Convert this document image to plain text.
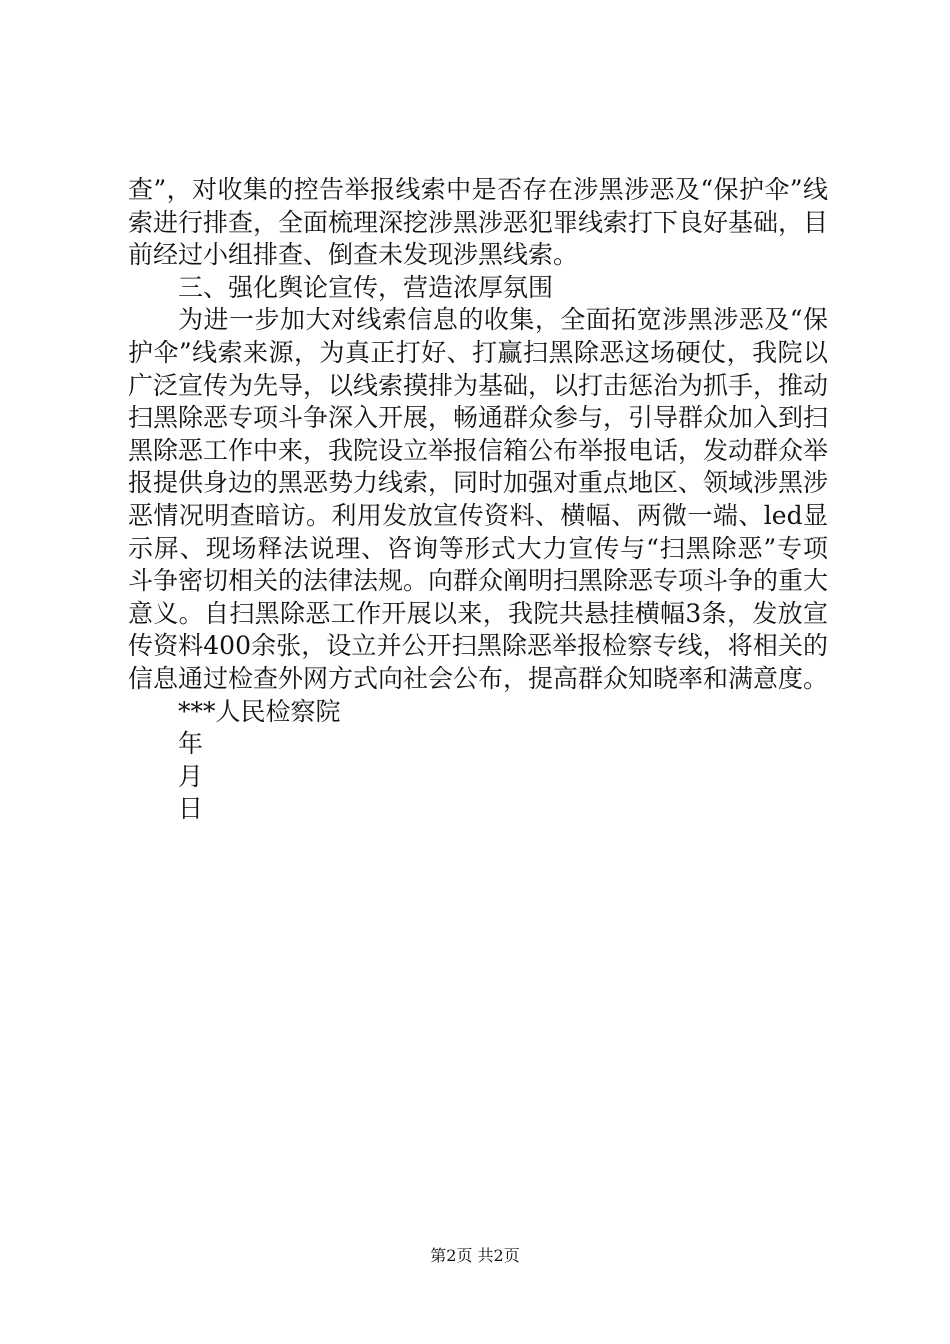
查”，对收集的控告举报线索中是否存在涉黑涉恶及“保护伞”线索进行排查，全面梳理深挖涉黑涉恶犯罪线索打下良好基础，目前经过小组排查、倒查未发现涉黑线索。

三、强化舆论宣传，营造浓厚氛围

为进一步加大对线索信息的收集，全面拓宽涉黑涉恶及“保护伞”线索来源，为真正打好、打赢扫黑除恶这场硬仗，我院以广泛宣传为先导，以线索摸排为基础，以打击惩治为抓手，推动扫黑除恶专项斗争深入开展，畅通群众参与，引导群众加入到扫黑除恶工作中来，我院设立举报信箱公布举报电话，发动群众举报提供身边的黑恶势力线索，同时加强对重点地区、领域涉黑涉恶情况明查暗访。利用发放宣传资料、横幅、两微一端、led显示屏、现场释法说理、咨询等形式大力宣传与“扫黑除恶”专项斗争密切相关的法律法规。向群众阐明扫黑除恶专项斗争的重大意义。自扫黑除恶工作开展以来，我院共悬挂横幅3条，发放宣传资料400余张，设立并公开扫黑除恶举报检察专线，将相关的信息通过检查外网方式向社会公布，提高群众知晓率和满意度。

***人民检察院

年

月

日

第2页 共2页
